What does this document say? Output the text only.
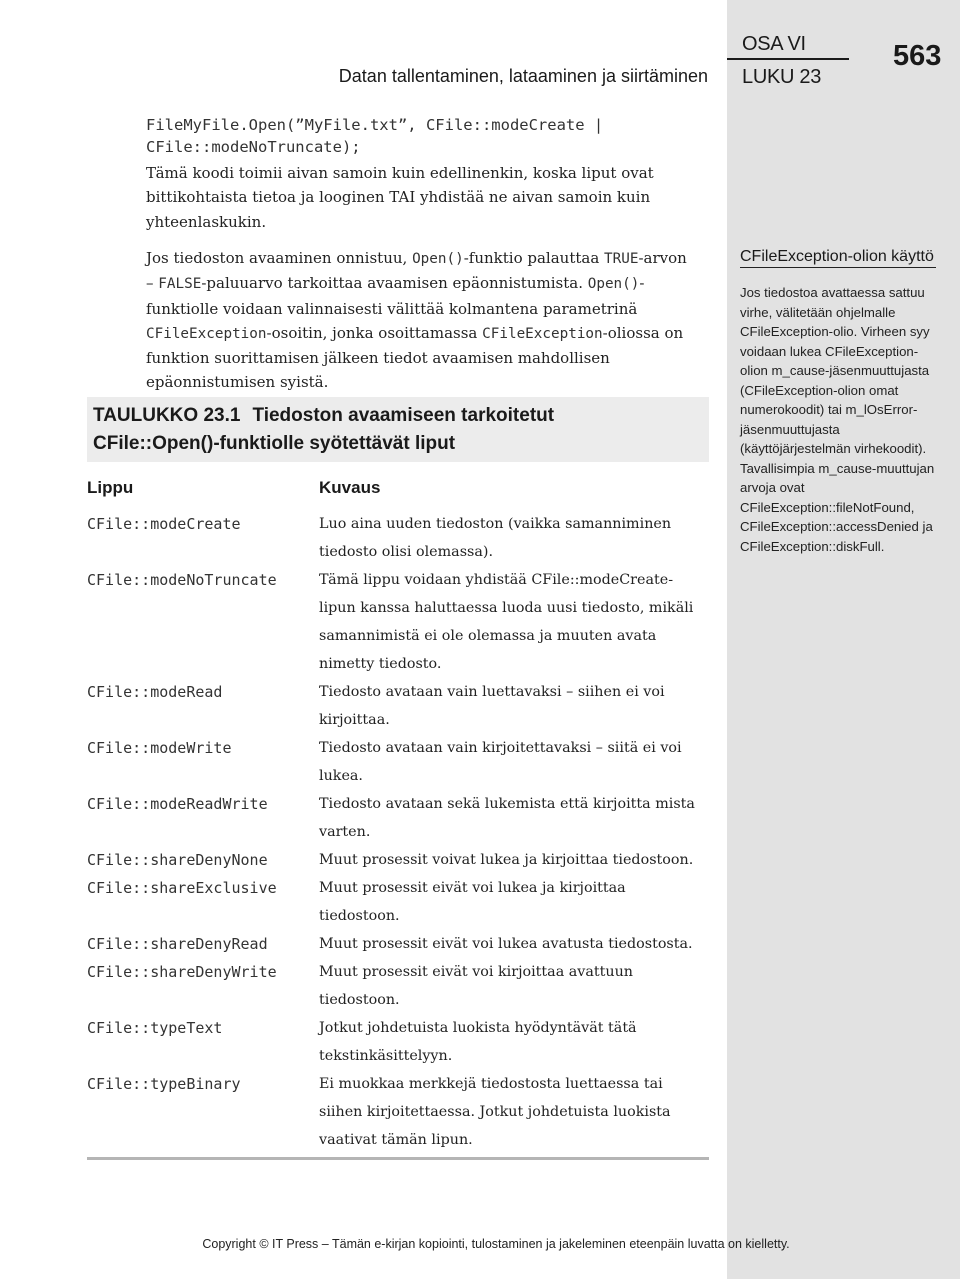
OSA VI
LUKU 23
563
Datan tallentaminen, lataaminen ja siirtäminen
FileMyFile.Open(”MyFile.txt”, CFile::modeCreate |
CFile::modeNoTruncate);
Tämä koodi toimii aivan samoin kuin edellinenkin, koska liput ovat bittikohtaista tietoa ja looginen TAI yhdistää ne aivan samoin kuin yhteenlaskukin.
Jos tiedoston avaaminen onnistuu, Open()-funktio palauttaa TRUE-arvon – FALSE-paluuarvo tarkoittaa avaamisen epäonnistumista. Open()-funktiolle voidaan valinnaisesti välittää kolmantena parametrinä CFileException-osoitin, jonka osoittamassa CFileException-oliossa on funktion suorittamisen jälkeen tiedot avaamisen mahdollisen epäonnistumisen syistä.
TAULUKKO 23.1 Tiedoston avaamiseen tarkoitetut
CFile::Open()-funktiolle syötettävät liput
Lippu	Kuvaus
CFile::modeCreate	Luo aina uuden tiedoston (vaikka samanniminen tiedosto olisi olemassa).
CFile::modeNoTruncate	Tämä lippu voidaan yhdistää CFile::modeCreate-lipun kanssa haluttaessa luoda uusi tiedosto, mikäli samannimistä ei ole olemassa ja muuten avata nimetty tiedosto.
CFile::modeRead	Tiedosto avataan vain luettavaksi – siihen ei voi kirjoittaa.
CFile::modeWrite	Tiedosto avataan vain kirjoitettavaksi – siitä ei voi lukea.
CFile::modeReadWrite	Tiedosto avataan sekä lukemista että kirjoitta mista varten.
CFile::shareDenyNone	Muut prosessit voivat lukea ja kirjoittaa tiedostoon.
CFile::shareExclusive	Muut prosessit eivät voi lukea ja kirjoittaa tiedostoon.
CFile::shareDenyRead	Muut prosessit eivät voi lukea avatusta tiedostosta.
CFile::shareDenyWrite	Muut prosessit eivät voi kirjoittaa avattuun tiedostoon.
CFile::typeText	Jotkut johdetuista luokista hyödyntävät tätä tekstinkäsittelyyn.
CFile::typeBinary	Ei muokkaa merkkejä tiedostosta luettaessa tai siihen kirjoitettaessa. Jotkut johdetuista luokista vaativat tämän lipun.
CFileException-olion käyttö
Jos tiedostoa avattaessa sattuu virhe, välitetään ohjelmalle CFileException-olio. Virheen syy voidaan lukea CFileException-olion m_cause-jäsenmuuttujasta (CFileException-olion omat numerokoodit) tai m_lOsError-jäsenmuuttujasta (käyttöjärjestelmän virhekoodit). Tavallisimpia m_cause-muuttujan arvoja ovat CFileException::fileNotFound, CFileException::accessDenied ja CFileException::diskFull.
Copyright © IT Press – Tämän e-kirjan kopiointi, tulostaminen ja jakeleminen eteenpäin luvatta on kielletty.
